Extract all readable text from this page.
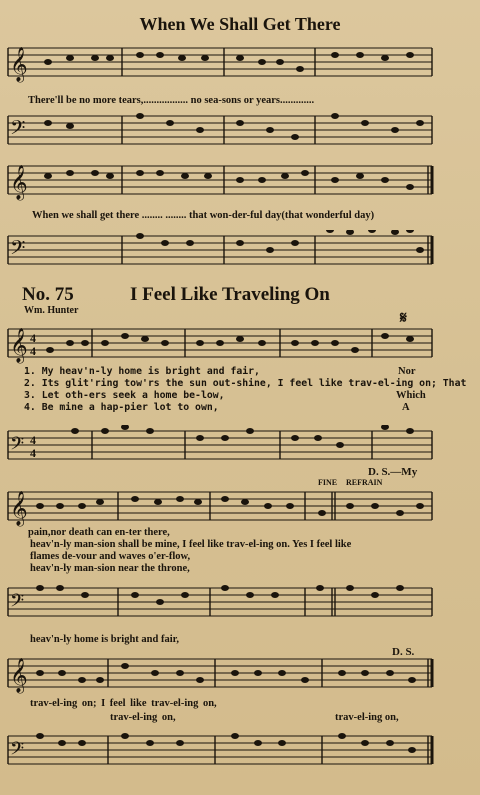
When We Shall Get There
𝄞
There'll be no more tears,................. no sea-sons or years.............
𝄢
𝄞
When we shall get there ........ ........ that won-der-ful day(that wonderful day)
𝄢
No. 75	I Feel Like Traveling On
Wm. Hunter	𝄋
𝄞 4
4
1. My heav'n-ly home is bright and fair,	Nor
2. Its glit'ring tow'rs the sun out-shine, I feel like trav-el-ing on; That
3. Let oth-ers seek a home be-low,	Which
4. Be mine a hap-pier lot to own,	A
𝄢 4
4
D. S.—My
FINE REFRAIN
𝄞
pain,nor death can en-ter there,
heav'n-ly man-sion shall be mine, I feel like trav-el-ing on. Yes I feel like
flames de-vour and waves o'er-flow,
heav'n-ly man-sion near the throne,
𝄢
heav'n-ly home is bright and fair,
D. S.
𝄞
trav-el-ing on; I feel like trav-el-ing on,
trav-el-ing on,	trav-el-ing on,
𝄢
